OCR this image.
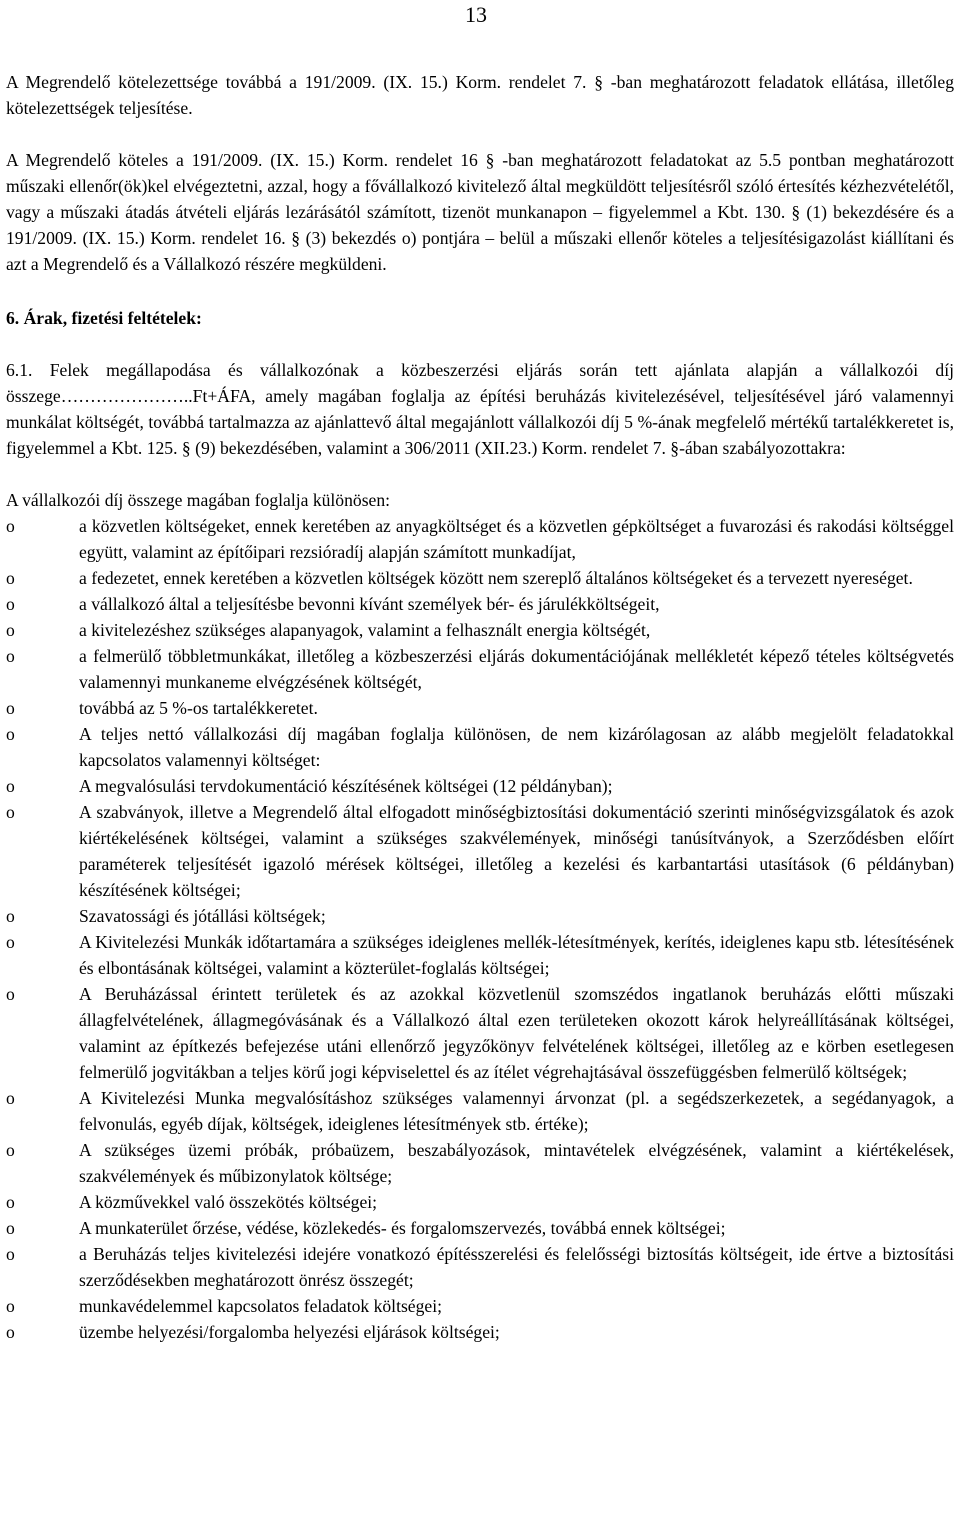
13

A Megrendelő kötelezettsége továbbá a 191/2009. (IX. 15.) Korm. rendelet 7. § -ban meghatározott feladatok ellátása, illetőleg kötelezettségek teljesítése.

A Megrendelő köteles a 191/2009. (IX. 15.) Korm. rendelet 16 § -ban meghatározott feladatokat az 5.5 pontban meghatározott műszaki ellenőr(ök)kel elvégeztetni, azzal, hogy a fővállalkozó kivitelező által megküldött teljesítésről szóló értesítés kézhezvételétől, vagy a műszaki átadás átvételi eljárás lezárásától számított, tizenöt munkanapon – figyelemmel a Kbt. 130. § (1) bekezdésére és a 191/2009. (IX. 15.) Korm. rendelet 16. § (3) bekezdés o) pontjára – belül a műszaki ellenőr köteles a teljesítésigazolást kiállítani és azt a Megrendelő és a Vállalkozó részére megküldeni.

6. Árak, fizetési feltételek:

6.1. Felek megállapodása és vállalkozónak a közbeszerzési eljárás során tett ajánlata alapján a vállalkozói díj összege…………………..Ft+ÁFA, amely magában foglalja az építési beruházás kivitelezésével, teljesítésével járó valamennyi munkálat költségét, továbbá tartalmazza az ajánlattevő által megajánlott vállalkozói díj 5 %-ának megfelelő mértékű tartalékkeretet is, figyelemmel a Kbt. 125. § (9) bekezdésében, valamint a 306/2011 (XII.23.) Korm. rendelet 7. §-ában szabályozottakra:

A vállalkozói díj összege magában foglalja különösen:

o	a közvetlen költségeket, ennek keretében az anyagköltséget és a közvetlen gépköltséget a fuvarozási és rakodási költséggel együtt, valamint az építőipari rezsióradíj alapján számított munkadíjat,
o	a fedezetet, ennek keretében a közvetlen költségek között nem szereplő általános költségeket és a tervezett nyereséget.
o	a vállalkozó által a teljesítésbe bevonni kívánt személyek bér- és járulékköltségeit,
o	a kivitelezéshez szükséges alapanyagok, valamint a felhasznált energia költségét,
o	a felmerülő többletmunkákat, illetőleg a közbeszerzési eljárás dokumentációjának mellékletét képező tételes költségvetés valamennyi munkaneme elvégzésének költségét,
o	továbbá az 5 %-os tartalékkeretet.
o	A teljes nettó vállalkozási díj magában foglalja különösen, de nem kizárólagosan az alább megjelölt feladatokkal kapcsolatos valamennyi költséget:
o	A megvalósulási tervdokumentáció készítésének költségei (12 példányban);
o	A szabványok, illetve a Megrendelő által elfogadott minőségbiztosítási dokumentáció szerinti minőségvizsgálatok és azok kiértékelésének költségei, valamint a szükséges szakvélemények, minőségi tanúsítványok, a Szerződésben előírt paraméterek teljesítését igazoló mérések költségei, illetőleg a kezelési és karbantartási utasítások (6 példányban) készítésének költségei;
o	Szavatossági és jótállási költségek;
o	A Kivitelezési Munkák időtartamára a szükséges ideiglenes mellék-létesítmények, kerítés, ideiglenes kapu stb. létesítésének és elbontásának költségei, valamint a közterület-foglalás költségei;
o	A Beruházással érintett területek és az azokkal közvetlenül szomszédos ingatlanok beruházás előtti műszaki állagfelvételének, állagmegóvásának és a Vállalkozó által ezen területeken okozott károk helyreállításának költségei, valamint az építkezés befejezése utáni ellenőrző jegyzőkönyv felvételének költségei, illetőleg az e körben esetlegesen felmerülő jogvitákban a teljes körű jogi képviselettel és az ítélet végrehajtásával összefüggésben felmerülő költségek;
o	A Kivitelezési Munka megvalósításhoz szükséges valamennyi árvonzat (pl. a segédszerkezetek, a segédanyagok, a felvonulás, egyéb díjak, költségek, ideiglenes létesítmények stb. értéke);
o	A szükséges üzemi próbák, próbaüzem, beszabályozások, mintavételek elvégzésének, valamint a kiértékelések, szakvélemények és műbizonylatok költsége;
o	A közművekkel való összekötés költségei;
o	A munkaterület őrzése, védése, közlekedés- és forgalomszervezés, továbbá ennek költségei;
o	a Beruházás teljes kivitelezési idejére vonatkozó építésszerelési és felelősségi biztosítás költségeit, ide értve a biztosítási szerződésekben meghatározott önrész összegét;
o	munkavédelemmel kapcsolatos feladatok költségei;
o	üzembe helyezési/forgalomba helyezési eljárások költségei;
